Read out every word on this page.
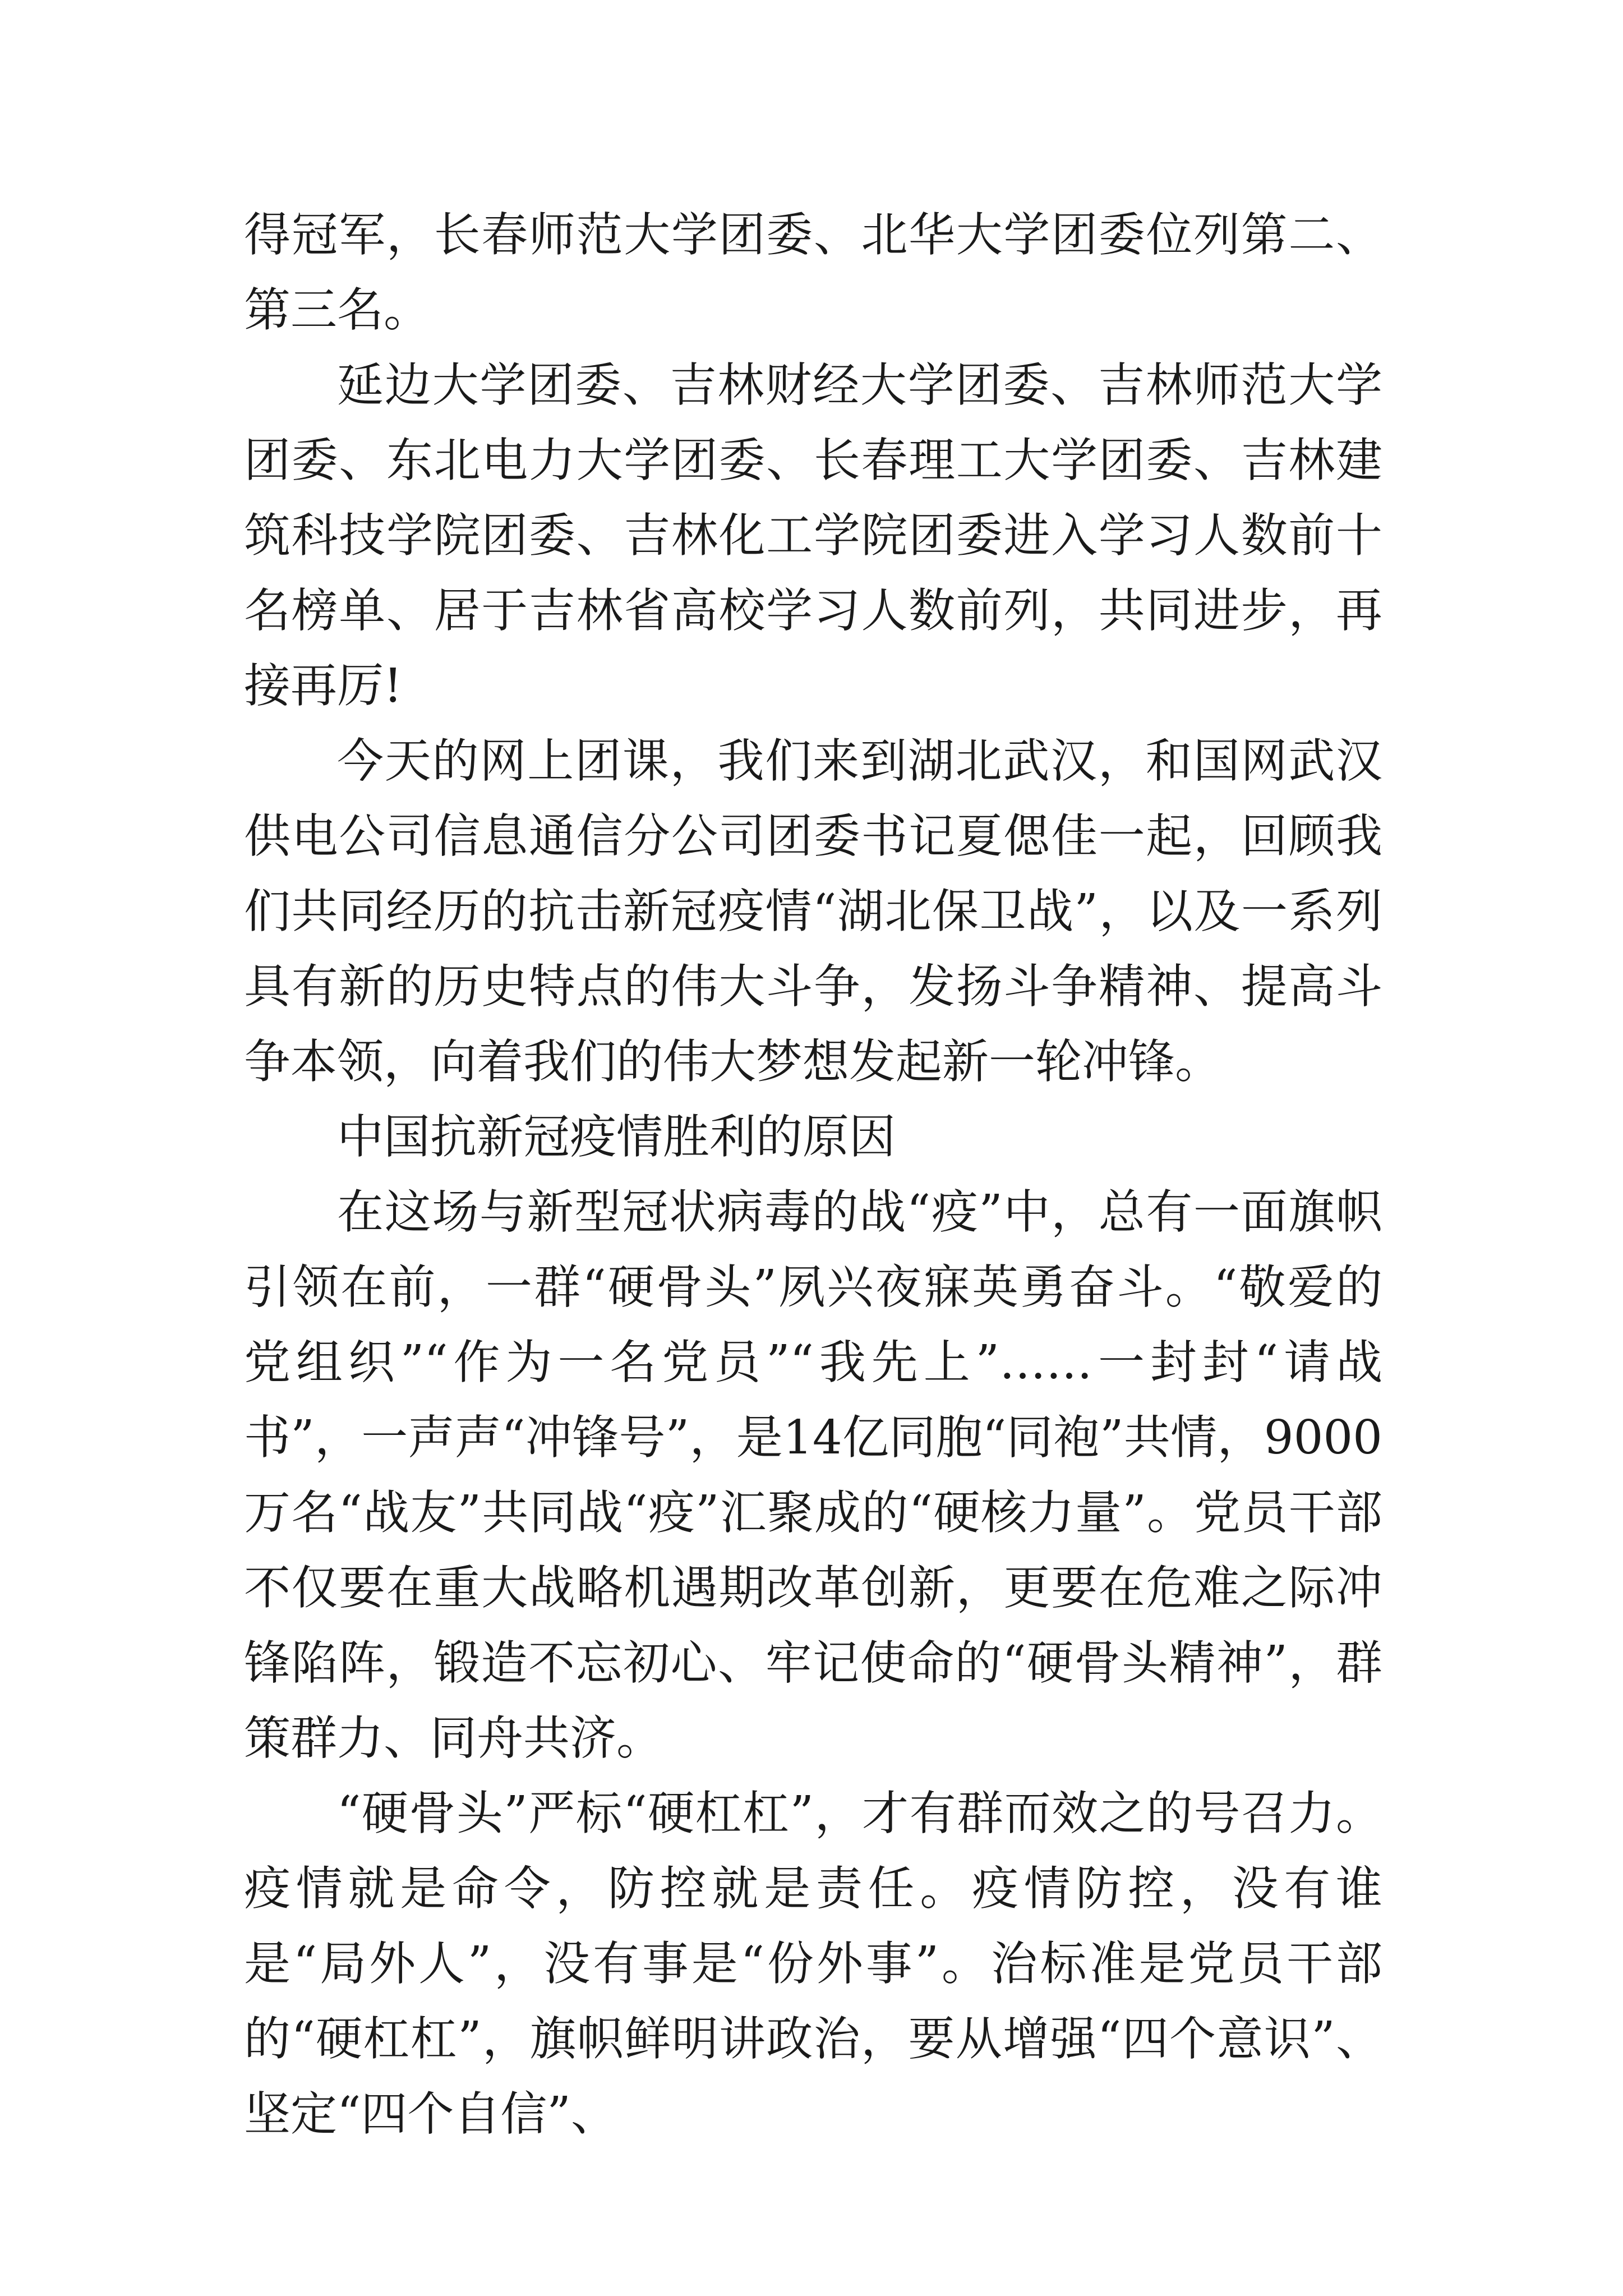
得冠军，长春师范大学团委、北华大学团委位列第二、第三名。

延边大学团委、吉林财经大学团委、吉林师范大学团委、东北电力大学团委、长春理工大学团委、吉林建筑科技学院团委、吉林化工学院团委进入学习人数前十名榜单、居于吉林省高校学习人数前列，共同进步，再接再厉!

今天的网上团课，我们来到湖北武汉，和国网武汉供电公司信息通信分公司团委书记夏偲佳一起，回顾我们共同经历的抗击新冠疫情“湖北保卫战”，以及一系列具有新的历史特点的伟大斗争，发扬斗争精神、提高斗争本领，向着我们的伟大梦想发起新一轮冲锋。

中国抗新冠疫情胜利的原因

在这场与新型冠状病毒的战“疫”中，总有一面旗帜引领在前，一群“硬骨头”夙兴夜寐英勇奋斗。“敬爱的党组织”“作为一名党员”“我先上”……一封封“请战书”，一声声“冲锋号”，是14亿同胞“同袍”共情，9000万名“战友”共同战“疫”汇聚成的“硬核力量”。党员干部不仅要在重大战略机遇期改革创新，更要在危难之际冲锋陷阵，锻造不忘初心、牢记使命的“硬骨头精神”，群策群力、同舟共济。

“硬骨头”严标“硬杠杠”，才有群而效之的号召力。疫情就是命令，防控就是责任。疫情防控，没有谁是“局外人”，没有事是“份外事”。治标准是党员干部的“硬杠杠”，旗帜鲜明讲政治，要从增强“四个意识”、坚定“四个自信”、
